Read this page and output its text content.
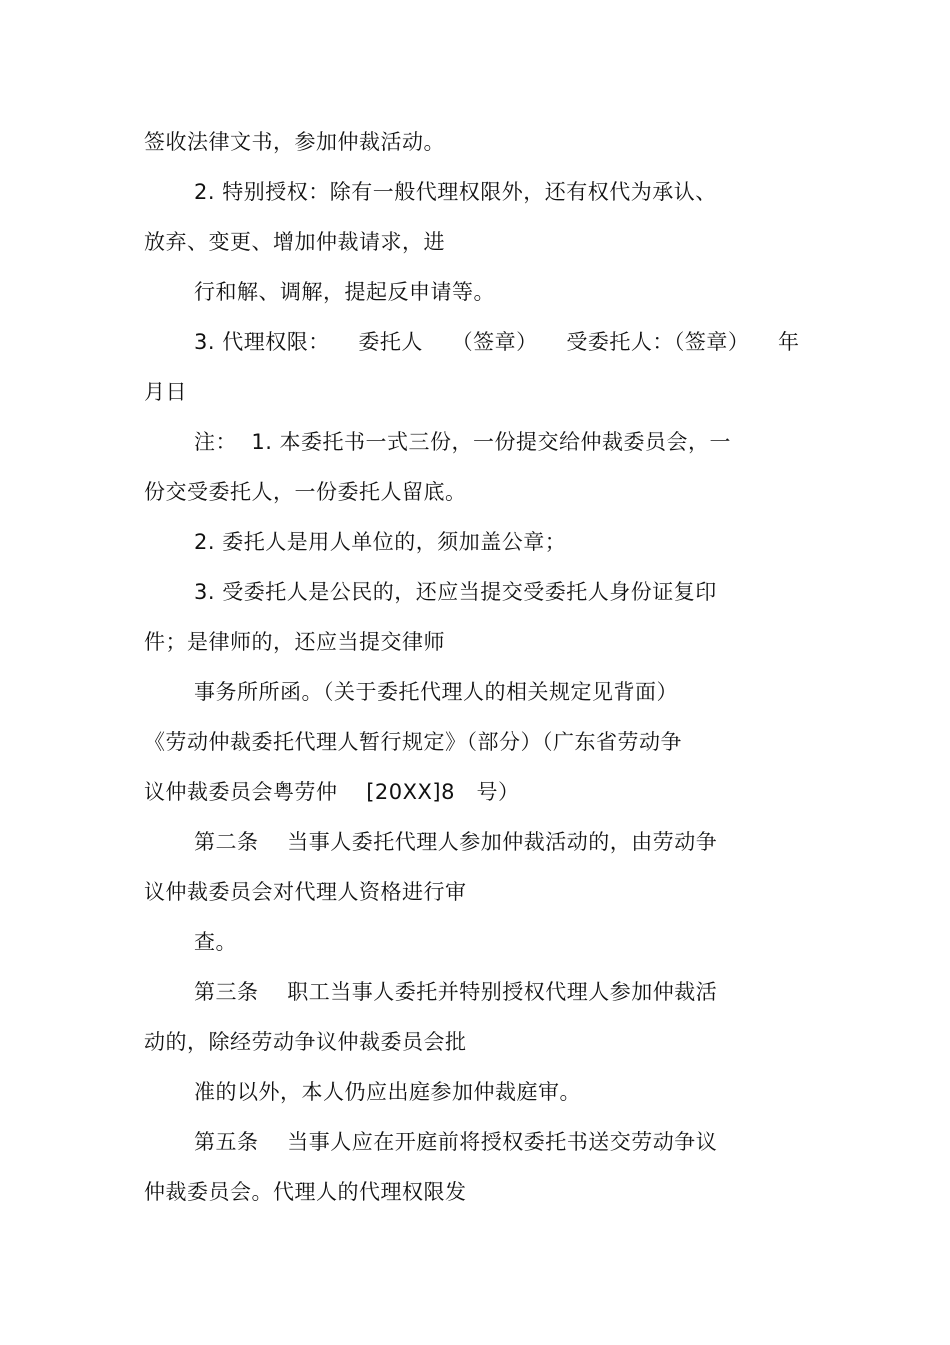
签收法律文书，参加仲裁活动。
2. 特别授权：除有一般代理权限外，还有权代为承认、
放弃、变更、增加仲裁请求，进
行和解、调解，提起反申请等。
3. 代理权限：    委托人    （签章）    受委托人：（签章）    年
月日
注：  1. 本委托书一式三份，一份提交给仲裁委员会，一
份交受委托人，一份委托人留底。
2. 委托人是用人单位的，须加盖公章；
3. 受委托人是公民的，还应当提交受委托人身份证复印
件；是律师的，还应当提交律师
事务所所函。（关于委托代理人的相关规定见背面）
《劳动仲裁委托代理人暂行规定》（部分）（广东省劳动争
议仲裁委员会粤劳仲    [20XX]8   号）
第二条    当事人委托代理人参加仲裁活动的，由劳动争
议仲裁委员会对代理人资格进行审
查。
第三条    职工当事人委托并特别授权代理人参加仲裁活
动的，除经劳动争议仲裁委员会批
准的以外，本人仍应出庭参加仲裁庭审。
第五条    当事人应在开庭前将授权委托书送交劳动争议
仲裁委员会。代理人的代理权限发
